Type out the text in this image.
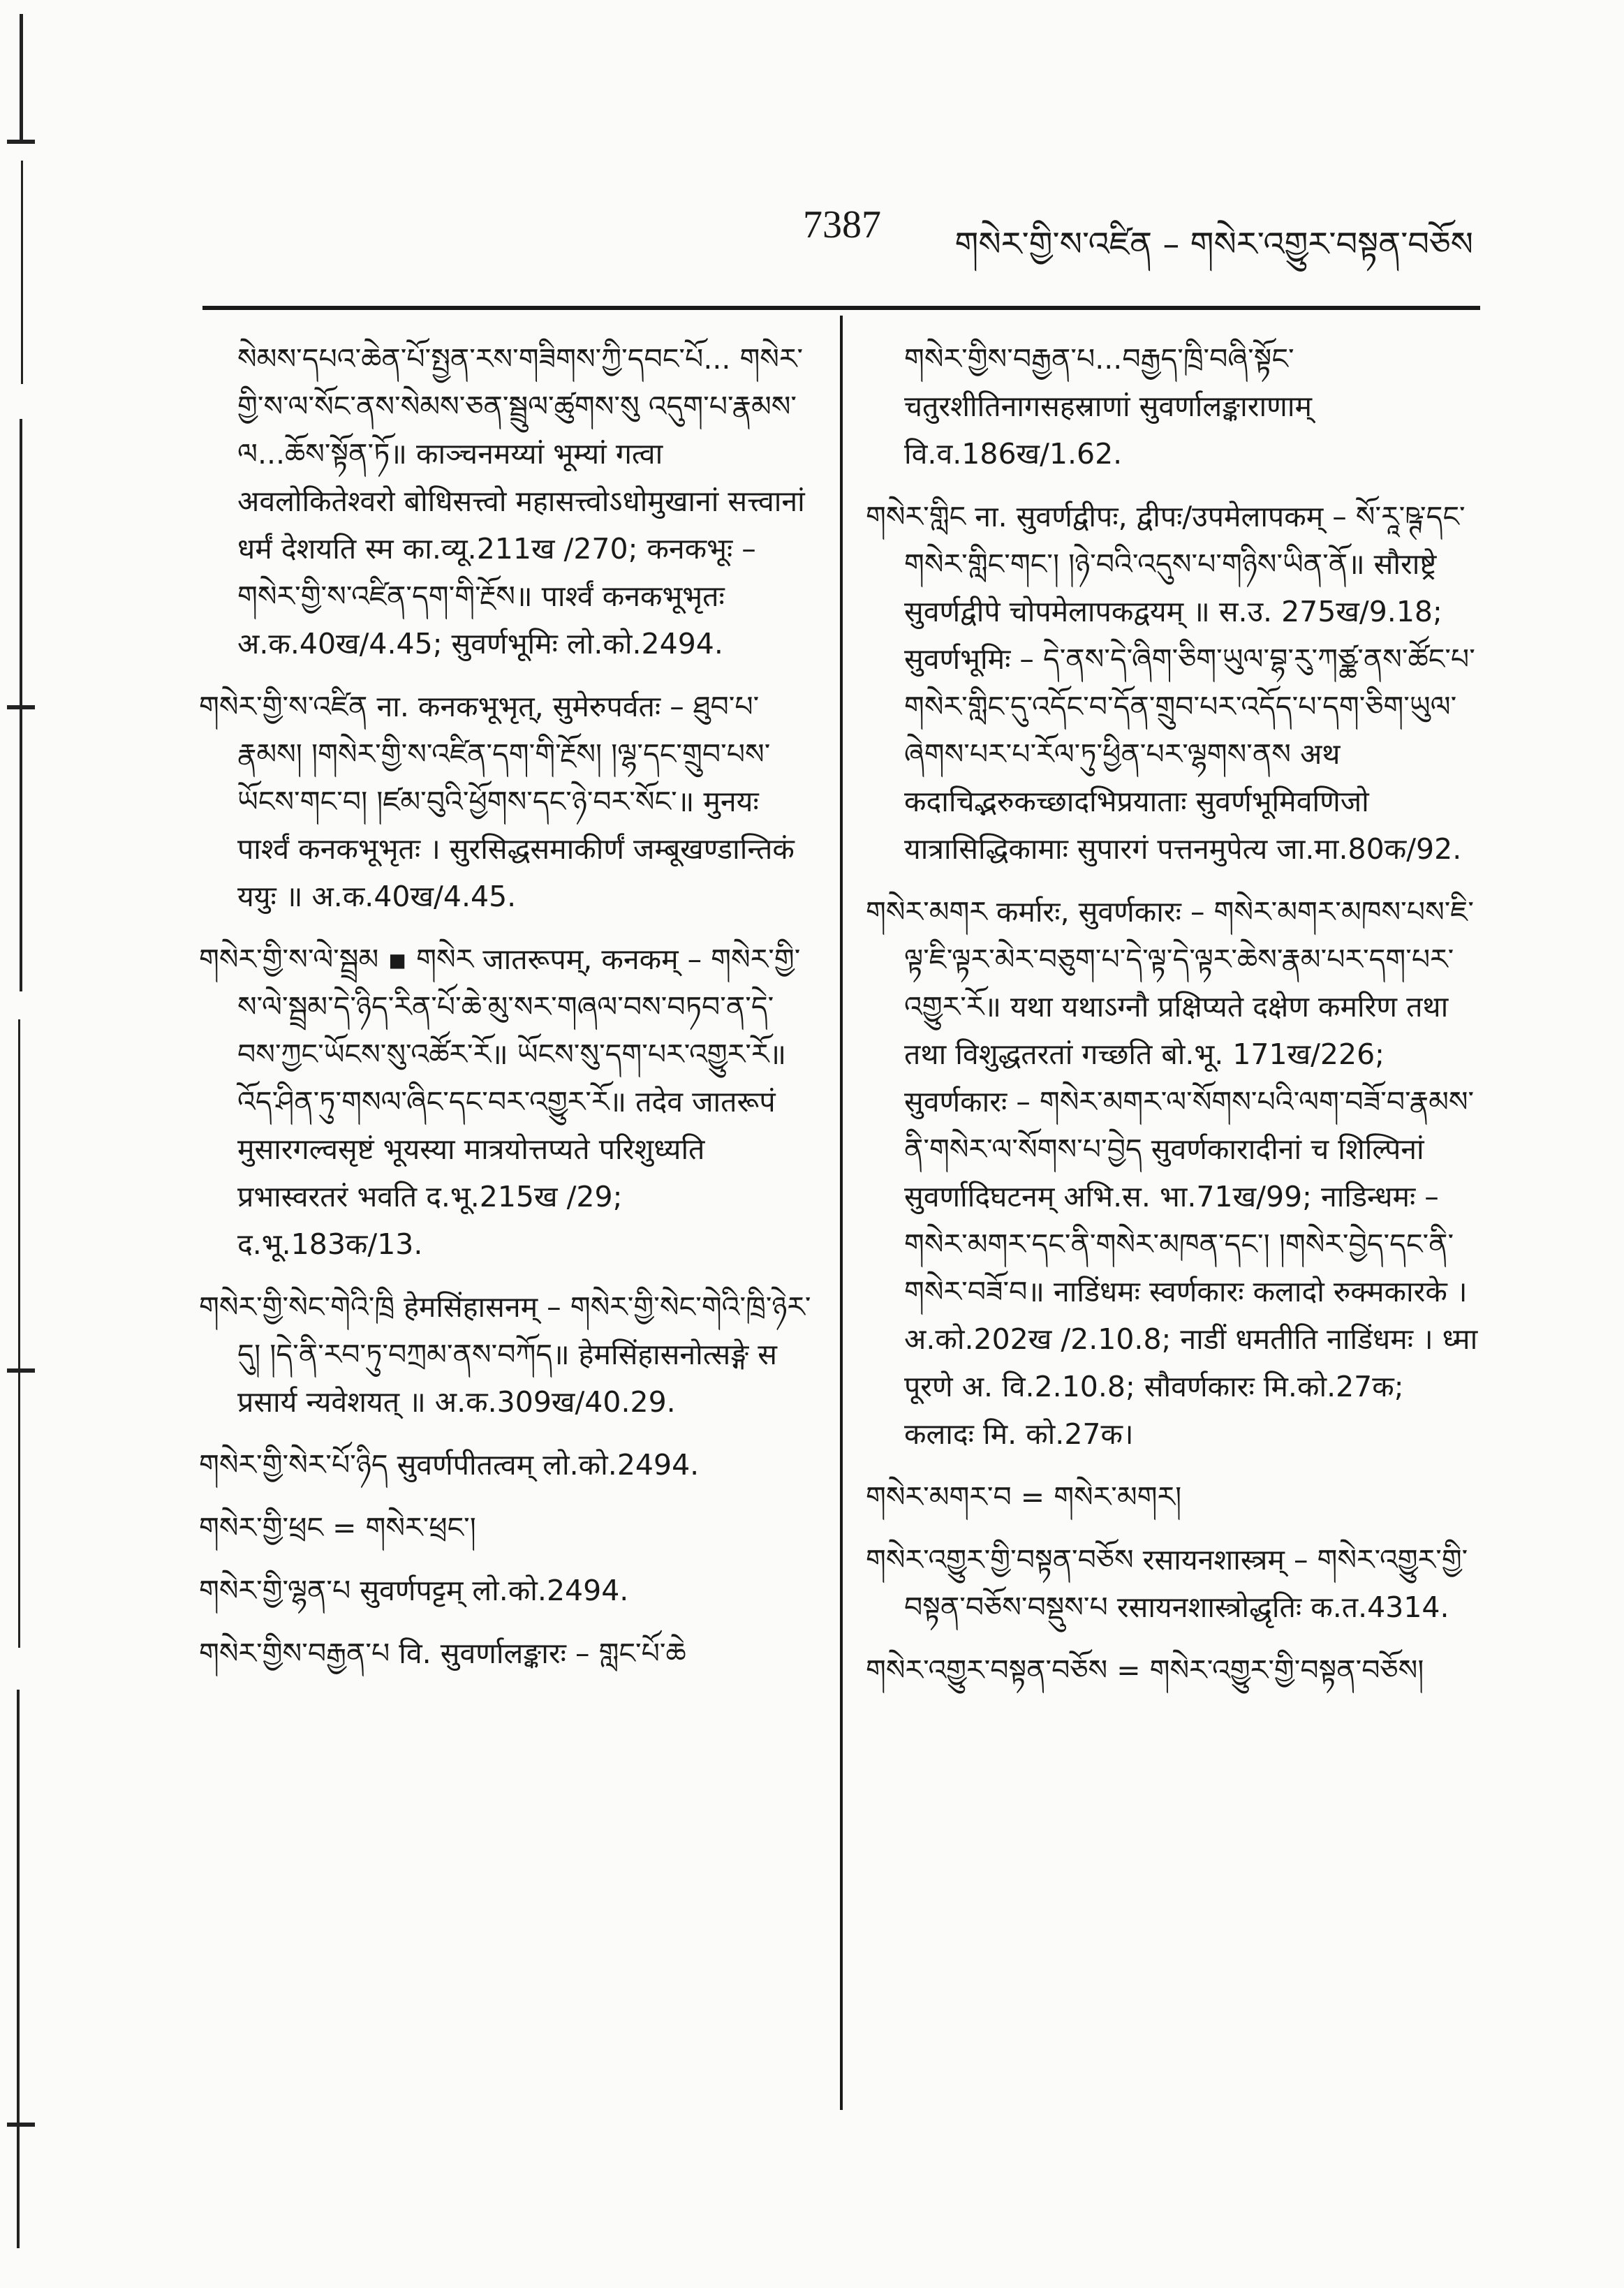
7387 གསེར་གྱི་ས་འཛིན – གསེར་འགྱུར་བསྟན་བཅོས
སེམས་དཔའ་ཆེན་པོ་སྤྱན་རས་གཟིགས་ཀྱི་དབང་པོ... གསེར་གྱི་ས་ལ་སོང་ནས་སེམས་ཅན་སྦྲུལ་ཚུགས་སུ འདུག་པ་རྣམས་ལ...ཆོས་སྟོན་ཏོ॥ काञ्चनमय्यां भूम्यां गत्वा अवलोकितेश्वरो बोधिसत्त्वो महासत्त्वोऽधोमुखानां सत्त्वानां धर्मं देशयति स्म का.व्यू.211ख /270; कनकभूः – གསེར་གྱི་ས་འཛིན་དག་གི་རྔོས॥ पार्श्वं कनकभूभृतः अ.क.40ख/4.45; सुवर्णभूमिः लो.को.2494.
གསེར་གྱི་ས་འཛིན ना. कनकभूभृत्, सुमेरुपर्वतः – ཐུབ་པ་རྣམས། །གསེར་གྱི་ས་འཛིན་དག་གི་རྔོས། །ལྷ་དང་གྲུབ་པས་ཡོངས་གང་བ། །ཛམ་བུའི་ཕྱོགས་དང་ཉེ་བར་སོང་॥ मुनयः पार्श्वं कनकभूभृतः । सुरसिद्धसमाकीर्णं जम्बूखण्डान्तिकं ययुः ॥ अ.क.40ख/4.45.
གསེར་གྱི་ས་ལེ་སྦྲམ ▪ གསེར जातरूपम्, कनकम् – གསེར་གྱི་ས་ལེ་སྦྲམ་དེ་ཉིད་རིན་པོ་ཆེ་མུ་སར་གཞལ་བས་བཏབ་ན་དེ་བས་ཀྱང་ཡོངས་སུ་འཚོར་རོ॥ ཡོངས་སུ་དག་པར་འགྱུར་རོ॥ འོད་ཤིན་ཏུ་གསལ་ཞིང་དང་བར་འགྱུར་རོ॥ तदेव जातरूपं मुसारगल्वसृष्टं भूयस्या मात्रयोत्तप्यते परिशुध्यति प्रभास्वरतरं भवति द.भू.215ख /29; द.भू.183क/13.
གསེར་གྱི་སེང་གེའི་ཁྲི हेमसिंहासनम् – གསེར་གྱི་སེང་གེའི་ཁྲི་ཉེར་དུ། །དེ་ནི་རབ་ཏུ་བཀྲམ་ནས་བཀོད॥ हेमसिंहासनोत्सङ्गे स प्रसार्य न्यवेशयत् ॥ अ.क.309ख/40.29.
གསེར་གྱི་སེར་པོ་ཉིད सुवर्णपीतत्वम् लो.को.2494.
གསེར་གྱི་ཕྲང = གསེར་ཕྲང་།
གསེར་གྱི་ལྷན་པ सुवर्णपट्टम् लो.को.2494.
གསེར་གྱིས་བརྒྱན་པ वि. सुवर्णालङ्कारः – གླང་པོ་ཆེ
གསེར་གྱིས་བརྒྱན་པ...བརྒྱད་ཁྲི་བཞི་སྟོང་ चतुरशीतिनागसहस्राणां सुवर्णालङ्काराणाम् वि.व.186ख/1.62.
གསེར་གླིང ना. सुवर्णद्वीपः, द्वीपः/उपमेलापकम् – སོ་རཱ་ཥྚ་དང་གསེར་གླིང་གང་། །ཉེ་བའི་འདུས་པ་གཉིས་ཡིན་ནོ॥ सौराष्ट्रे सुवर्णद्वीपे चोपमेलापकद्वयम् ॥ स.उ. 275ख/9.18; सुवर्णभूमिः – དེ་ནས་དེ་ཞིག་ཅིག་ཡུལ་བྷ་རུ་ཀཙྪ་ནས་ཚོང་པ་གསེར་གླིང་དུ་འདོང་བ་དོན་གྲུབ་པར་འདོད་པ་དག་ཅིག་ཡུལ་ཞེགས་པར་པ་རོལ་ཏུ་ཕྱིན་པར་ལྷགས་ནས अथ कदाचिद्भरुकच्छादभिप्रयाताः सुवर्णभूमिवणिजो यात्रासिद्धिकामाः सुपारगं पत्तनमुपेत्य जा.मा.80क/92.
གསེར་མགར कर्मारः, सुवर्णकारः – གསེར་མགར་མཁས་པས་ཇི་ལྟ་ཇི་ལྟར་མེར་བཅུག་པ་དེ་ལྟ་དེ་ལྟར་ཆེས་རྣམ་པར་དག་པར་འགྱུར་རོ॥ यथा यथाऽग्नौ प्रक्षिप्यते दक्षेण कमरिण तथा तथा विशुद्धतरतां गच्छति बो.भू. 171ख/226; सुवर्णकारः – གསེར་མགར་ལ་སོགས་པའི་ལག་བཟོ་བ་རྣམས་ནི་གསེར་ལ་སོགས་པ་བྱེད सुवर्णकारादीनां च शिल्पिनां सुवर्णादिघटनम् अभि.स. भा.71ख/99; नाडिन्धमः – གསེར་མགར་དང་ནི་གསེར་མཁན་དང་། །གསེར་བྱེད་དང་ནི་གསེར་བཟོ་བ॥ नाडिंधमः स्वर्णकारः कलादो रुक्मकारके । अ.को.202ख /2.10.8; नाडीं धमतीति नाडिंधमः । ध्मा पूरणे अ. वि.2.10.8; सौवर्णकारः मि.को.27क; कलादः मि. को.27क।
གསེར་མགར་བ = གསེར་མགར།
གསེར་འགྱུར་གྱི་བསྟན་བཅོས रसायनशास्त्रम् – གསེར་འགྱུར་གྱི་བསྟན་བཅོས་བསྡུས་པ रसायनशास्त्रोद्धृतिः क.त.4314.
གསེར་འགྱུར་བསྟན་བཅོས = གསེར་འགྱུར་གྱི་བསྟན་བཅོས།
